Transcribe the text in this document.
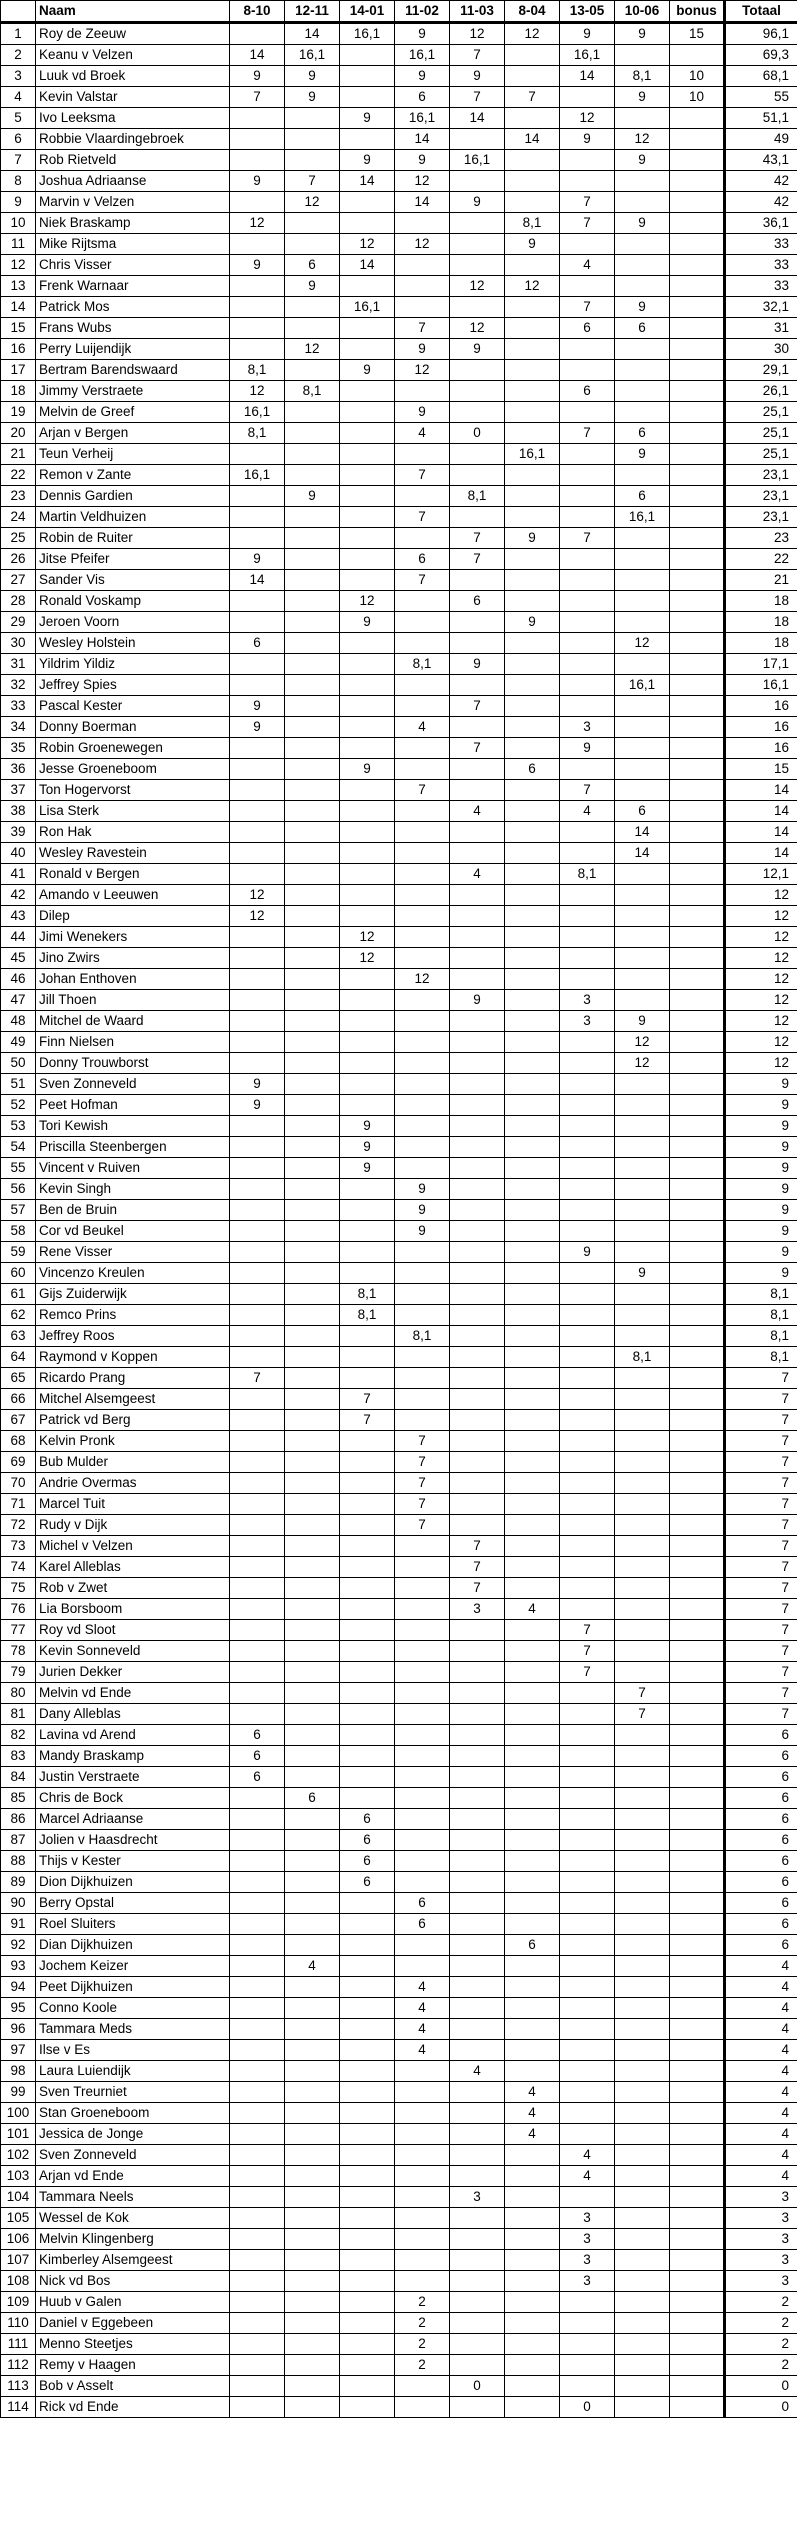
	Naam	8-10	12-11	14-01	11-02	11-03	8-04	13-05	10-06	bonus	Totaal
1	Roy de Zeeuw		14	16,1	9	12	12	9	9	15	96,1
2	Keanu v Velzen	14	16,1		16,1	7		16,1			69,3
3	Luuk vd Broek	9	9		9	9		14	8,1	10	68,1
4	Kevin Valstar	7	9		6	7	7		9	10	55
5	Ivo Leeksma			9	16,1	14		12			51,1
6	Robbie Vlaardingebroek				14		14	9	12		49
7	Rob Rietveld			9	9	16,1			9		43,1
8	Joshua Adriaanse	9	7	14	12						42
9	Marvin v Velzen		12		14	9		7			42
10	Niek Braskamp	12					8,1	7	9		36,1
11	Mike Rijtsma			12	12		9				33
12	Chris Visser	9	6	14				4			33
13	Frenk Warnaar		9			12	12				33
14	Patrick Mos			16,1				7	9		32,1
15	Frans Wubs				7	12		6	6		31
16	Perry Luijendijk		12		9	9					30
17	Bertram Barendswaard	8,1		9	12						29,1
18	Jimmy Verstraete	12	8,1					6			26,1
19	Melvin de Greef	16,1			9						25,1
20	Arjan v Bergen	8,1			4	0		7	6		25,1
21	Teun Verheij						16,1		9		25,1
22	Remon v Zante	16,1			7						23,1
23	Dennis Gardien		9			8,1			6		23,1
24	Martin Veldhuizen				7				16,1		23,1
25	Robin de Ruiter					7	9	7			23
26	Jitse Pfeifer	9			6	7					22
27	Sander Vis	14			7						21
28	Ronald Voskamp			12		6					18
29	Jeroen Voorn			9			9				18
30	Wesley Holstein	6							12		18
31	Yildrim Yildiz				8,1	9					17,1
32	Jeffrey Spies								16,1		16,1
33	Pascal Kester	9				7					16
34	Donny Boerman	9			4			3			16
35	Robin Groenewegen					7		9			16
36	Jesse Groeneboom			9			6				15
37	Ton Hogervorst				7			7			14
38	Lisa Sterk					4		4	6		14
39	Ron Hak								14		14
40	Wesley Ravestein								14		14
41	Ronald v Bergen					4		8,1			12,1
42	Amando v Leeuwen	12									12
43	Dilep	12									12
44	Jimi Wenekers			12							12
45	Jino Zwirs			12							12
46	Johan Enthoven				12						12
47	Jill Thoen					9		3			12
48	Mitchel de Waard							3	9		12
49	Finn Nielsen								12		12
50	Donny Trouwborst								12		12
51	Sven Zonneveld	9									9
52	Peet Hofman	9									9
53	Tori Kewish			9							9
54	Priscilla Steenbergen			9							9
55	Vincent v Ruiven			9							9
56	Kevin Singh				9						9
57	Ben de Bruin				9						9
58	Cor vd Beukel				9						9
59	Rene Visser							9			9
60	Vincenzo Kreulen								9		9
61	Gijs Zuiderwijk			8,1							8,1
62	Remco Prins			8,1							8,1
63	Jeffrey Roos				8,1						8,1
64	Raymond v Koppen								8,1		8,1
65	Ricardo Prang	7									7
66	Mitchel Alsemgeest			7							7
67	Patrick vd Berg			7							7
68	Kelvin Pronk				7						7
69	Bub Mulder				7						7
70	Andrie Overmas				7						7
71	Marcel Tuit				7						7
72	Rudy v Dijk				7						7
73	Michel v Velzen					7					7
74	Karel Alleblas					7					7
75	Rob v Zwet					7					7
76	Lia Borsboom					3	4				7
77	Roy vd Sloot							7			7
78	Kevin Sonneveld							7			7
79	Jurien Dekker							7			7
80	Melvin vd Ende								7		7
81	Dany Alleblas								7		7
82	Lavina vd Arend	6									6
83	Mandy Braskamp	6									6
84	Justin Verstraete	6									6
85	Chris de Bock		6								6
86	Marcel Adriaanse			6							6
87	Jolien v Haasdrecht			6							6
88	Thijs v Kester			6							6
89	Dion Dijkhuizen			6							6
90	Berry Opstal				6						6
91	Roel Sluiters				6						6
92	Dian Dijkhuizen						6				6
93	Jochem Keizer		4								4
94	Peet Dijkhuizen				4						4
95	Conno Koole				4						4
96	Tammara Meds				4						4
97	Ilse v Es				4						4
98	Laura Luiendijk					4					4
99	Sven Treurniet						4				4
100	Stan Groeneboom						4				4
101	Jessica de Jonge						4				4
102	Sven Zonneveld							4			4
103	Arjan vd Ende							4			4
104	Tammara Neels					3					3
105	Wessel de Kok							3			3
106	Melvin Klingenberg							3			3
107	Kimberley Alsemgeest							3			3
108	Nick vd Bos							3			3
109	Huub v Galen				2						2
110	Daniel v Eggebeen				2						2
111	Menno Steetjes				2						2
112	Remy v Haagen				2						2
113	Bob v Asselt					0					0
114	Rick vd Ende							0			0
